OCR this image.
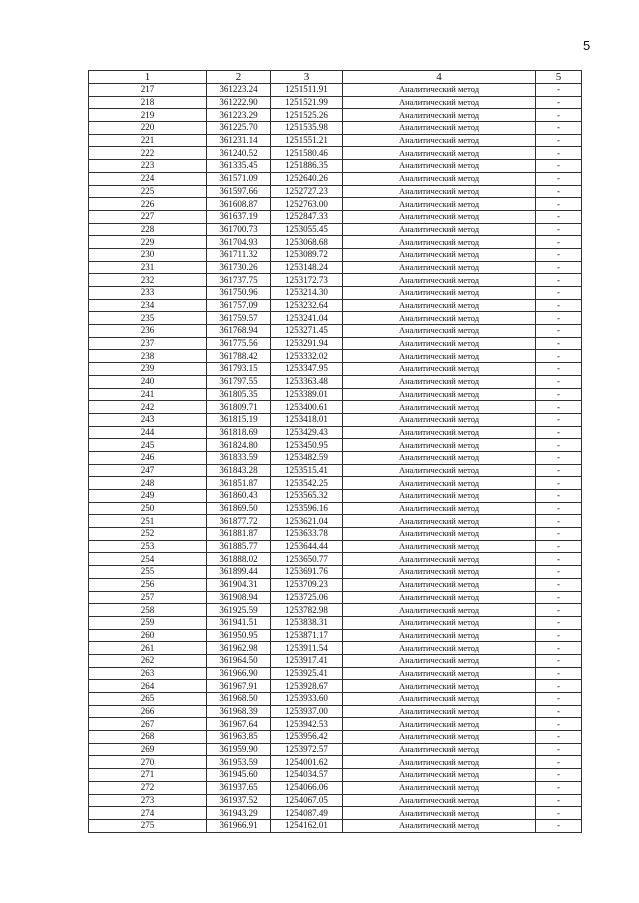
5
1	2	3	4	5
217	361223.24	1251511.91	Аналитический метод	-
218	361222.90	1251521.99	Аналитический метод	-
219	361223.29	1251525.26	Аналитический метод	-
220	361225.70	1251535.98	Аналитический метод	-
221	361231.14	1251551.21	Аналитический метод	-
222	361240.52	1251580.46	Аналитический метод	-
223	361335.45	1251886.35	Аналитический метод	-
224	361571.09	1252640.26	Аналитический метод	-
225	361597.66	1252727.23	Аналитический метод	-
226	361608.87	1252763.00	Аналитический метод	-
227	361637.19	1252847.33	Аналитический метод	-
228	361700.73	1253055.45	Аналитический метод	-
229	361704.93	1253068.68	Аналитический метод	-
230	361711.32	1253089.72	Аналитический метод	-
231	361730.26	1253148.24	Аналитический метод	-
232	361737.75	1253172.73	Аналитический метод	-
233	361750.96	1253214.30	Аналитический метод	-
234	361757.09	1253232.64	Аналитический метод	-
235	361759.57	1253241.04	Аналитический метод	-
236	361768.94	1253271.45	Аналитический метод	-
237	361775.56	1253291.94	Аналитический метод	-
238	361788.42	1253332.02	Аналитический метод	-
239	361793.15	1253347.95	Аналитический метод	-
240	361797.55	1253363.48	Аналитический метод	-
241	361805.35	1253389.01	Аналитический метод	-
242	361809.71	1253400.61	Аналитический метод	-
243	361815.19	1253418.01	Аналитический метод	-
244	361818.69	1253429.43	Аналитический метод	-
245	361824.80	1253450.95	Аналитический метод	-
246	361833.59	1253482.59	Аналитический метод	-
247	361843.28	1253515.41	Аналитический метод	-
248	361851.87	1253542.25	Аналитический метод	-
249	361860.43	1253565.32	Аналитический метод	-
250	361869.50	1253596.16	Аналитический метод	-
251	361877.72	1253621.04	Аналитический метод	-
252	361881.87	1253633.78	Аналитический метод	-
253	361885.77	1253644.44	Аналитический метод	-
254	361888.02	1253650.77	Аналитический метод	-
255	361899.44	1253691.76	Аналитический метод	-
256	361904.31	1253709.23	Аналитический метод	-
257	361908.94	1253725.06	Аналитический метод	-
258	361925.59	1253782.98	Аналитический метод	-
259	361941.51	1253838.31	Аналитический метод	-
260	361950.95	1253871.17	Аналитический метод	-
261	361962.98	1253911.54	Аналитический метод	-
262	361964.50	1253917.41	Аналитический метод	-
263	361966.90	1253925.41	Аналитический метод	-
264	361967.91	1253928.67	Аналитический метод	-
265	361968.50	1253933.60	Аналитический метод	-
266	361968.39	1253937.00	Аналитический метод	-
267	361967.64	1253942.53	Аналитический метод	-
268	361963.85	1253956.42	Аналитический метод	-
269	361959.90	1253972.57	Аналитический метод	-
270	361953.59	1254001.62	Аналитический метод	-
271	361945.60	1254034.57	Аналитический метод	-
272	361937.65	1254066.06	Аналитический метод	-
273	361937.52	1254067.05	Аналитический метод	-
274	361943.29	1254087.49	Аналитический метод	-
275	361966.91	1254162.01	Аналитический метод	-
